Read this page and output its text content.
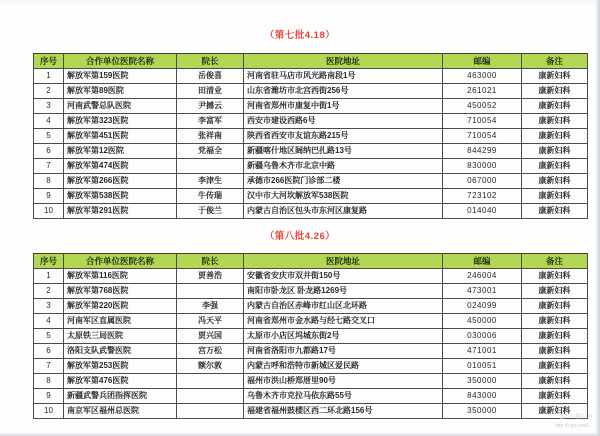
（第七批4.18）
序号	合作单位医院名称	院长	医院地址	邮编	备注
1	解放军第159医院	岳俊喜	河南省驻马店市风光路南段1号	463000	康新妇科
2	解放军第89医院	田清业	山东省潍坊市北宫西街256号	261021	康新妇科
3	河南武警总队医院	尹撼云	河南省郑州市康复中街1号	450052	康新妇科
4	解放军第323医院	李富军	西安市建设西路6号	710054	康新妇科
5	解放军第451医院	张祥南	陕西省西安市友谊东路215号	710054	康新妇科
6	解放军第12医院	党福全	新疆喀什地区阔纳巴扎路13号	844299	康新妇科
7	解放军第474医院		新疆乌鲁木齐市北京中路	830000	康新妇科
8	解放军第266医院	李津生	承德市266医院门诊部二楼	067000	康新妇科
9	解放军第538医院	牛传瑞	汉中市大河坎解放军538医院	723102	康新妇科
10	解放军第291医院	于俊兰	内蒙古自治区包头市东河区康复路	014040	康新妇科
（第八批4.26）
序号	合作单位医院名称	院长	医院地址	邮编	备注
1	解放军第116医院	贾善浩	安徽省安庆市双井街150号	246004	康新妇科
2	解放军第768医院		南阳市卧龙区 卧龙路1269号	473001	康新妇科
3	解放军第220医院	李强	内蒙古自治区赤峰市红山区北环路	024099	康新妇科
4	河南军区直属医院	冯天平	河南省郑州市金水路与经七路交叉口	450000	康新妇科
5	太原铁三局医院	贾兴国	太原市小店区坞城东街2号	030006	康新妇科
6	洛阳支队武警医院	宫万松	河南省洛阳市九都路17号	471001	康新妇科
7	解放军第253医院	额尔敦	内蒙古呼和浩特市新城区爱民路	010051	康新妇科
8	解放军第476医院		福州市洪山桥郑厝里90号	350000	康新妇科
9	新疆武警兵团指挥医院		乌鲁木齐市克拉马依东路55号	843000	康新妇科
10	南京军区福州总医院		福建省福州鼓楼区西二环北路156号	350000	康新妇科
ZP 上传分享
http://t.qq.com/…
